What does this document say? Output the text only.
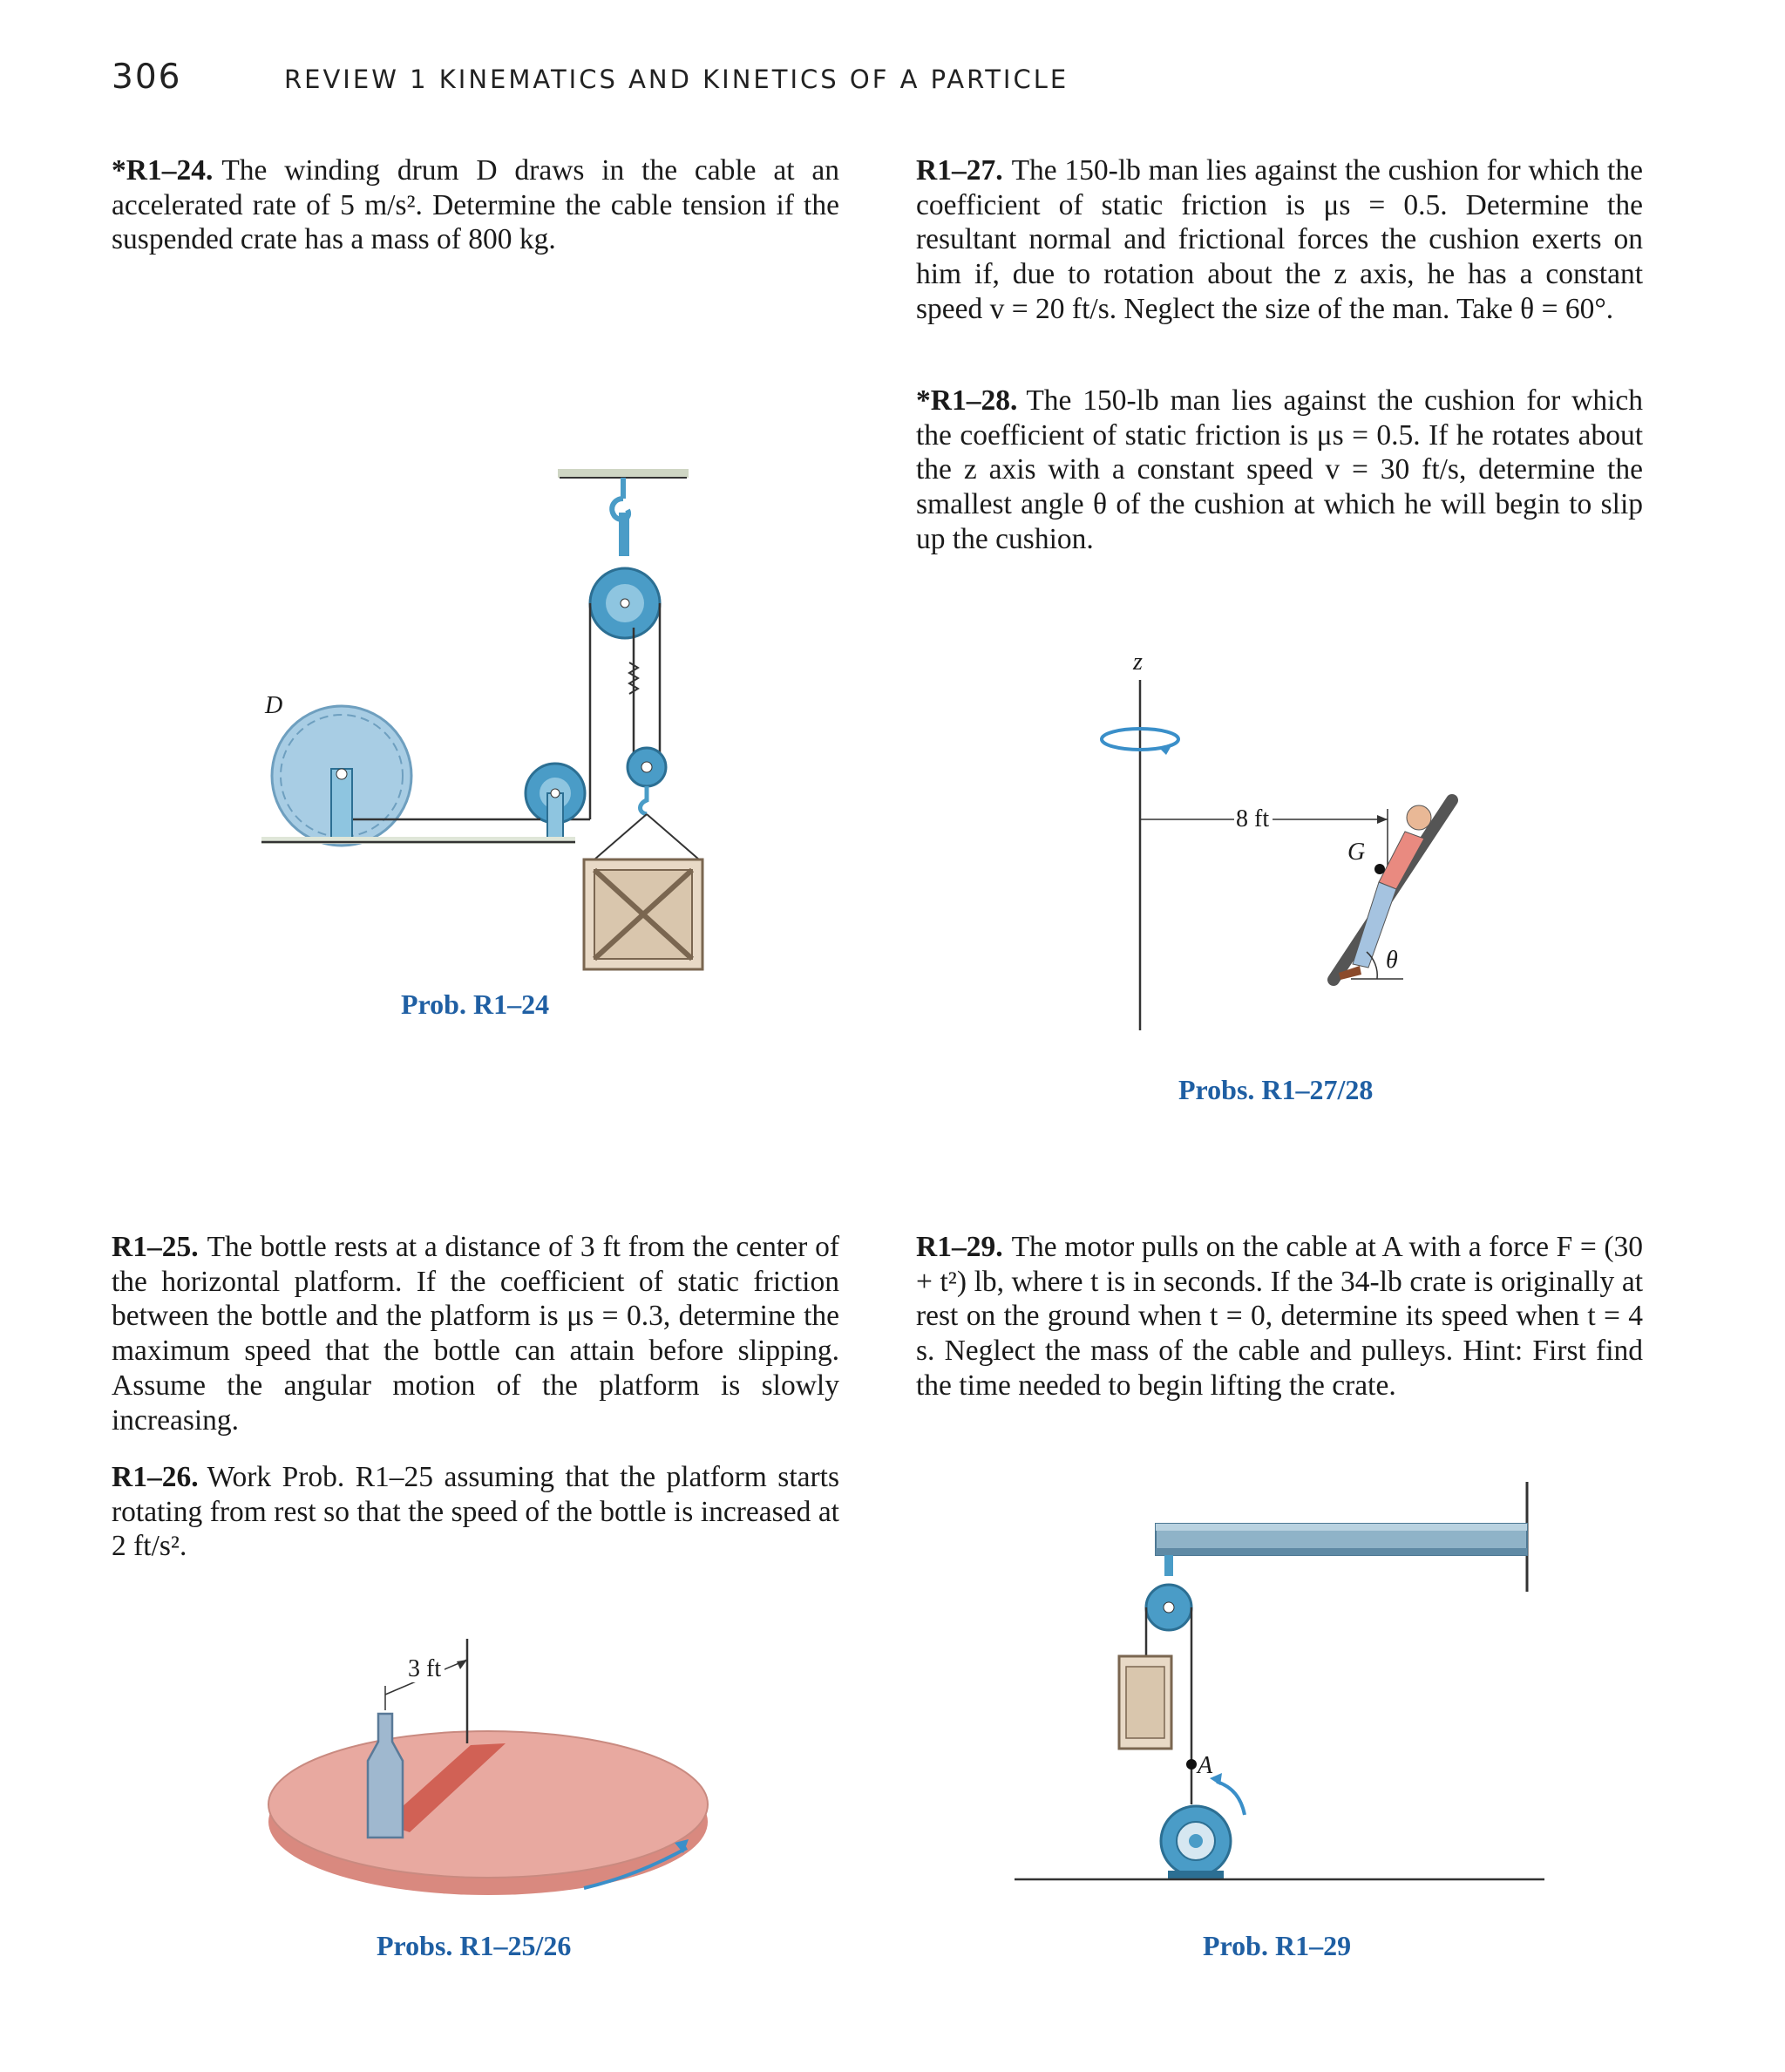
306	REVIEW 1 KINEMATICS AND KINETICS OF A PARTICLE
*R1–24. The winding drum D draws in the cable at an accelerated rate of 5 m/s². Determine the cable tension if the suspended crate has a mass of 800 kg.
R1–27. The 150-lb man lies against the cushion for which the coefficient of static friction is μs = 0.5. Determine the resultant normal and frictional forces the cushion exerts on him if, due to rotation about the z axis, he has a constant speed v = 20 ft/s. Neglect the size of the man. Take θ = 60°.
*R1–28. The 150-lb man lies against the cushion for which the coefficient of static friction is μs = 0.5. If he rotates about the z axis with a constant speed v = 30 ft/s, determine the smallest angle θ of the cushion at which he will begin to slip up the cushion.
R1–25. The bottle rests at a distance of 3 ft from the center of the horizontal platform. If the coefficient of static friction between the bottle and the platform is μs = 0.3, determine the maximum speed that the bottle can attain before slipping. Assume the angular motion of the platform is slowly increasing.
R1–26. Work Prob. R1–25 assuming that the platform starts rotating from rest so that the speed of the bottle is increased at 2 ft/s².
R1–29. The motor pulls on the cable at A with a force F = (30 + t²) lb, where t is in seconds. If the 34-lb crate is originally at rest on the ground when t = 0, determine its speed when t = 4 s. Neglect the mass of the cable and pulleys. Hint: First find the time needed to begin lifting the crate.
D
Prob. R1–24
z
8 ft
G
θ
Probs. R1–27/28
3 ft
Probs. R1–25/26
A
Prob. R1–29
